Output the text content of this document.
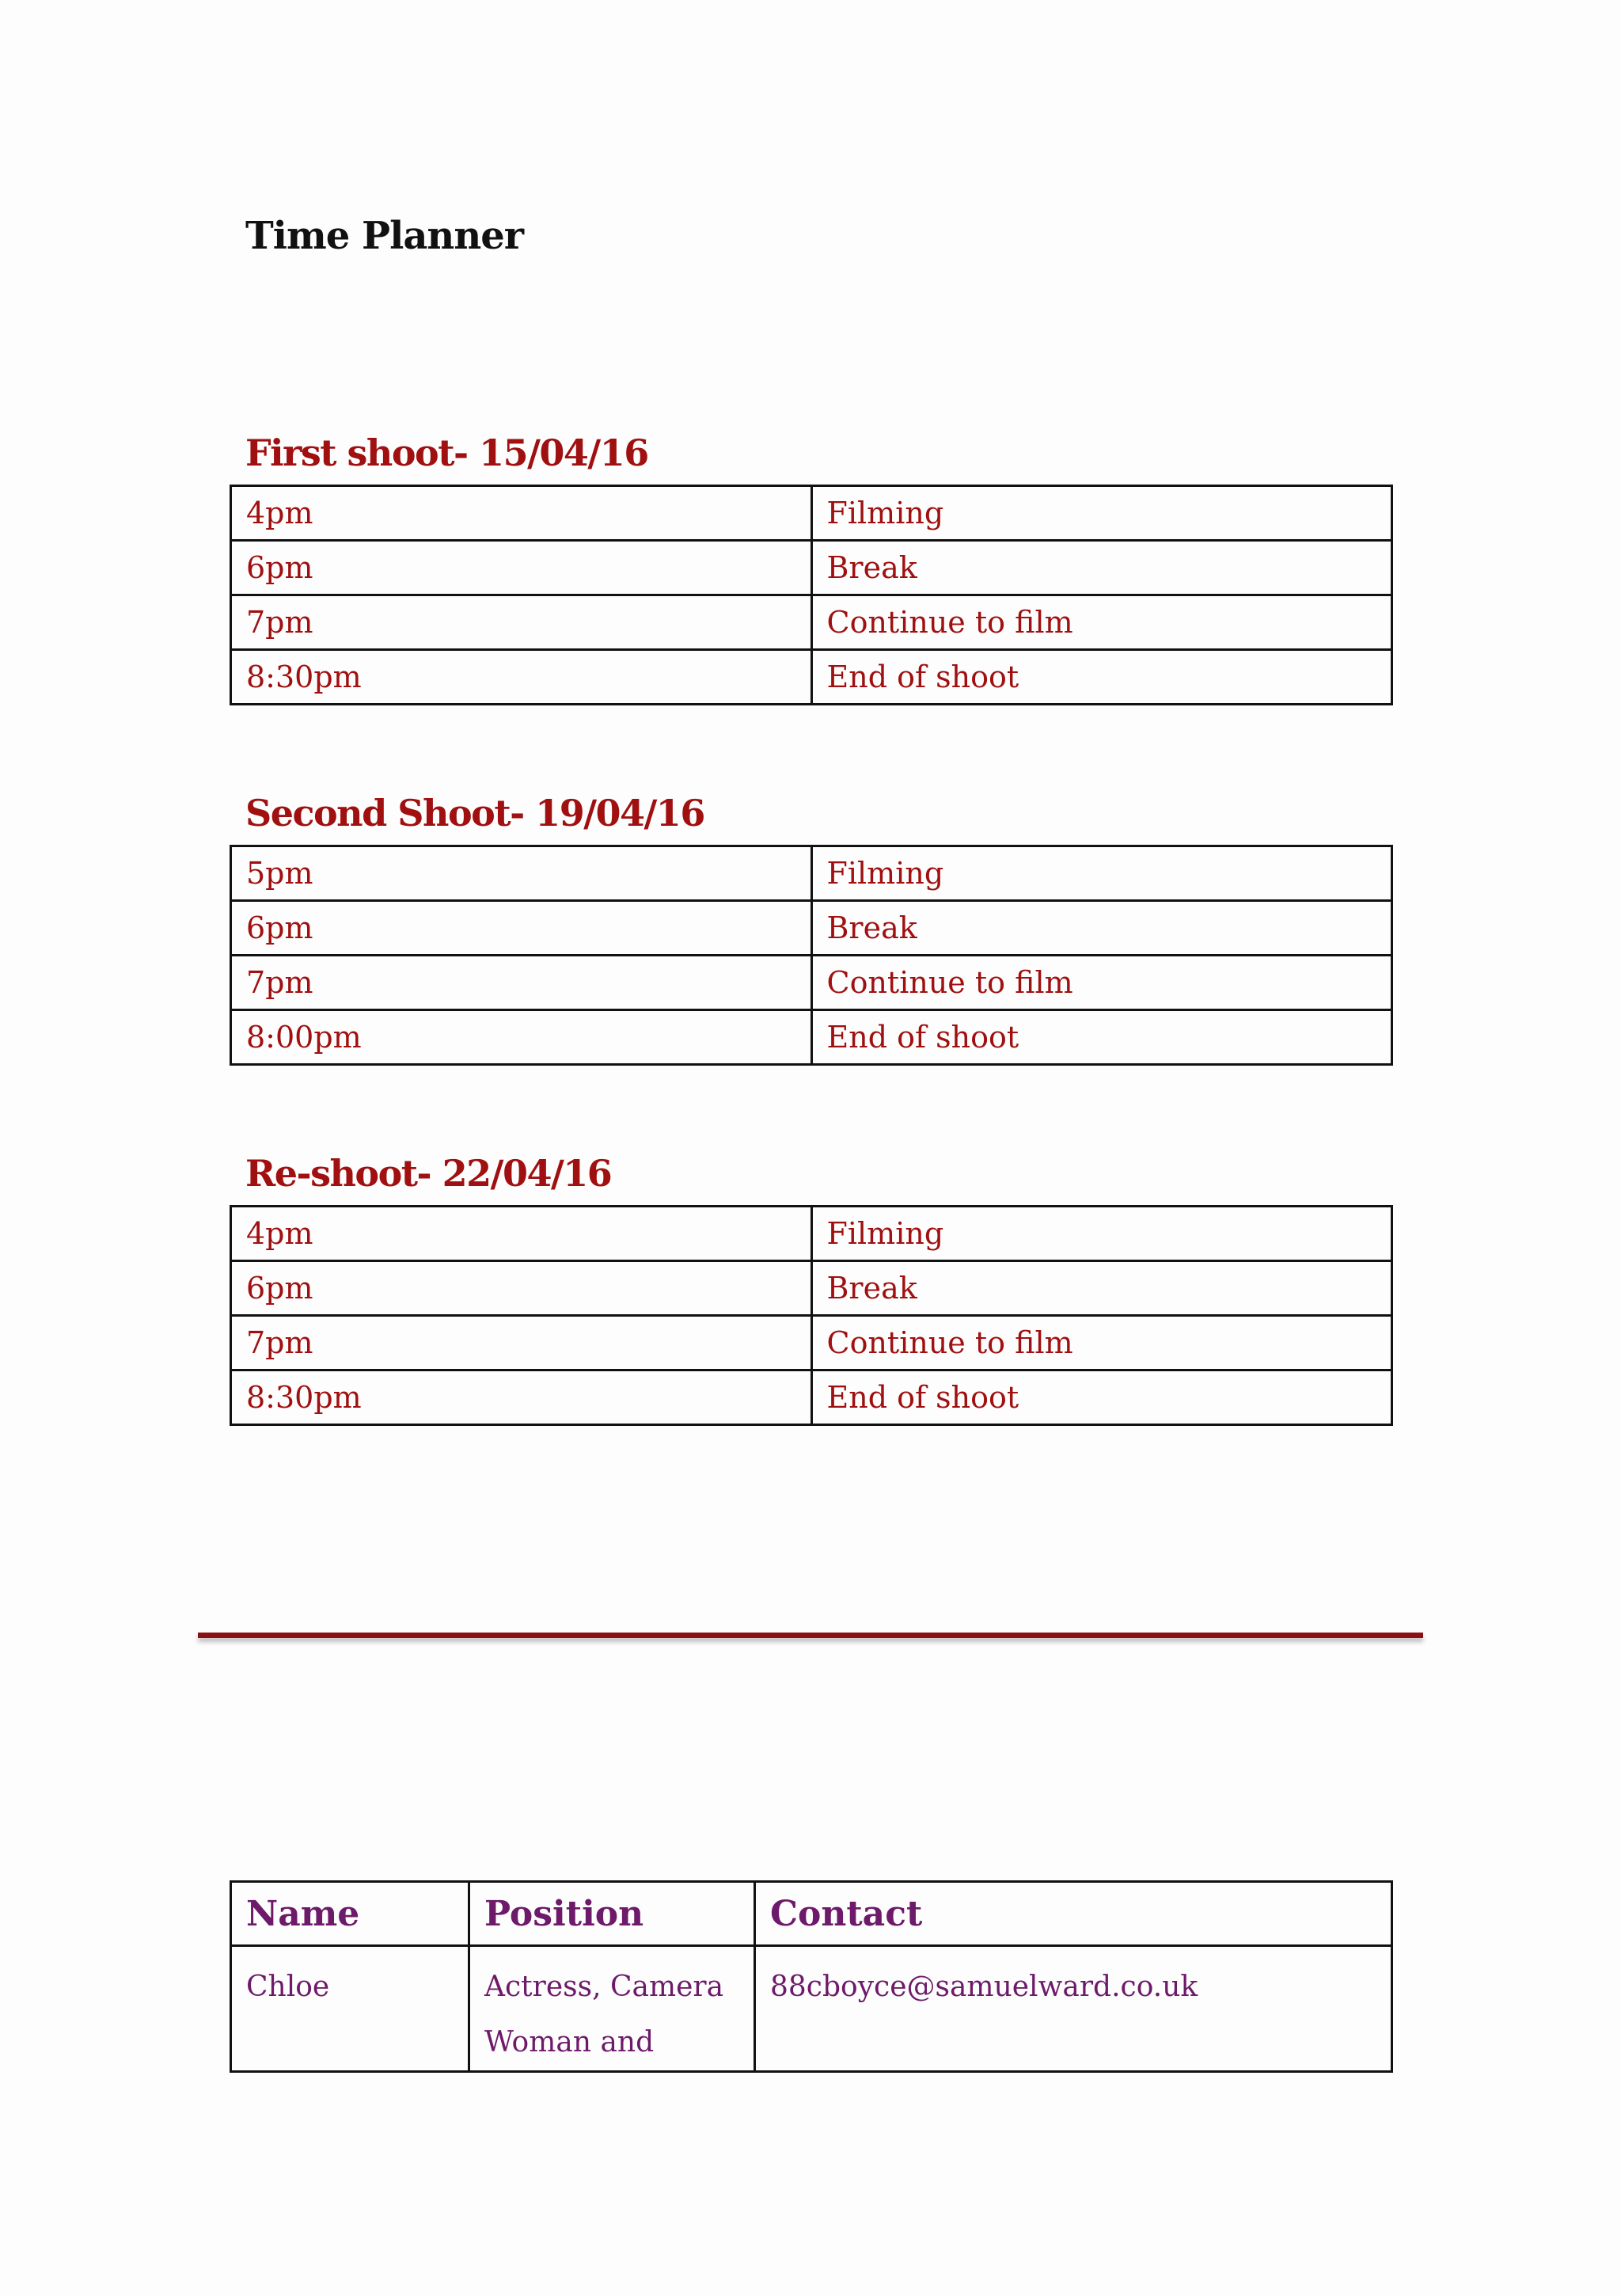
Time Planner
First shoot- 15/04/16
4pm	Filming
6pm	Break
7pm	Continue to film
8:30pm	End of shoot
Second Shoot- 19/04/16
5pm	Filming
6pm	Break
7pm	Continue to film
8:00pm	End of shoot
Re-shoot- 22/04/16
4pm	Filming
6pm	Break
7pm	Continue to film
8:30pm	End of shoot
Name	Position	Contact
Chloe	Actress, Camera Woman and	88cboyce@samuelward.co.uk
